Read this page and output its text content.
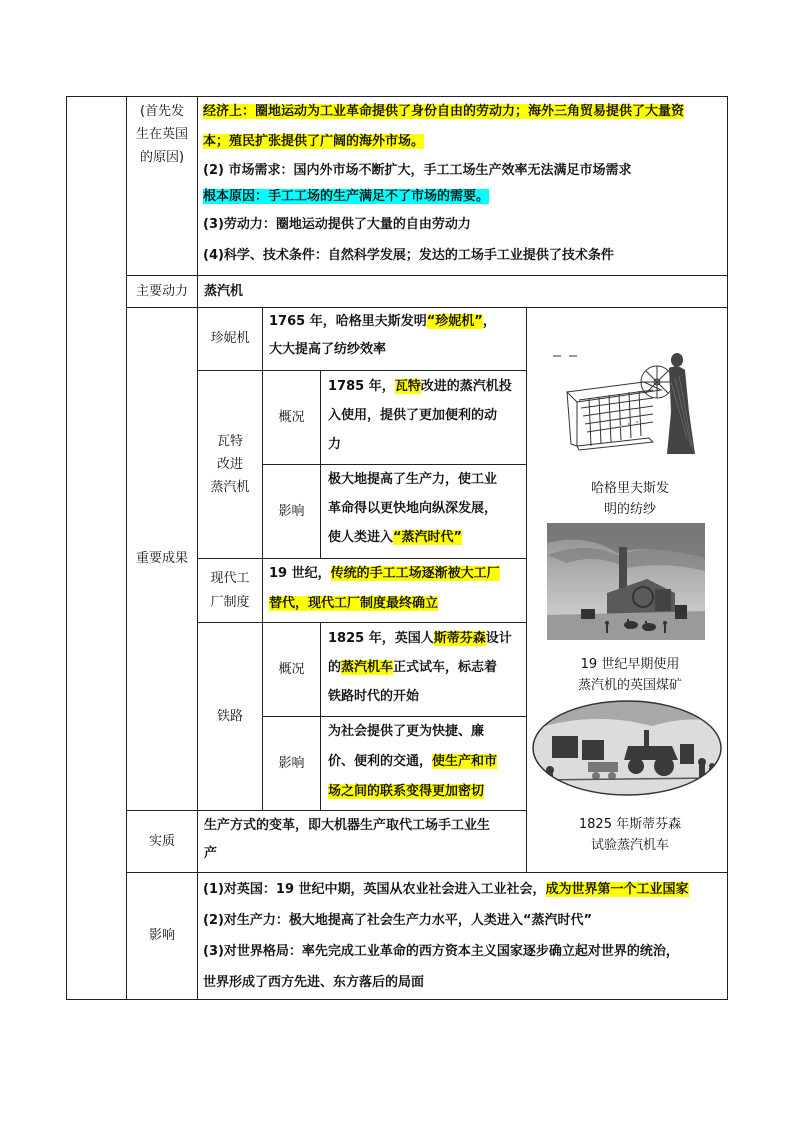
(首先发
生在英国
的原因)
经济上：圈地运动为工业革命提供了身份自由的劳动力；海外三角贸易提供了大量资
本；殖民扩张提供了广阔的海外市场。
(2) 市场需求：国内外市场不断扩大，手工工场生产效率无法满足市场需求
根本原因：手工工场的生产满足不了市场的需要。
(3)劳动力：圈地运动提供了大量的自由劳动力
(4)科学、技术条件：自然科学发展；发达的工场手工业提供了技术条件
主要动力	蒸汽机
重要成果
珍妮机
1765 年，哈格里夫斯发明“珍妮机”，
大大提高了纺纱效率
瓦特
改进
蒸汽机
概况
1785 年，瓦特改进的蒸汽机投
入使用，提供了更加便利的动
力
影响
极大地提高了生产力，使工业
革命得以更快地向纵深发展，
使人类进入“蒸汽时代”
现代工
厂制度
19 世纪，传统的手工工场逐渐被大工厂
替代，现代工厂制度最终确立
铁路
概况
1825 年，英国人斯蒂芬森设计
的蒸汽机车正式试车，标志着
铁路时代的开始
影响
为社会提供了更为快捷、廉
价、便利的交通，使生产和市
场之间的联系变得更加密切
实质
生产方式的变革，即大机器生产取代工场手工业生
产
哈格里夫斯发
明的纺纱
19 世纪早期使用
蒸汽机的英国煤矿
1825 年斯蒂芬森
试验蒸汽机车
影响
(1)对英国：19 世纪中期，英国从农业社会进入工业社会，成为世界第一个工业国家
(2)对生产力：极大地提高了社会生产力水平，人类进入“蒸汽时代”
(3)对世界格局：率先完成工业革命的西方资本主义国家逐步确立起对世界的统治，
世界形成了西方先进、东方落后的局面
